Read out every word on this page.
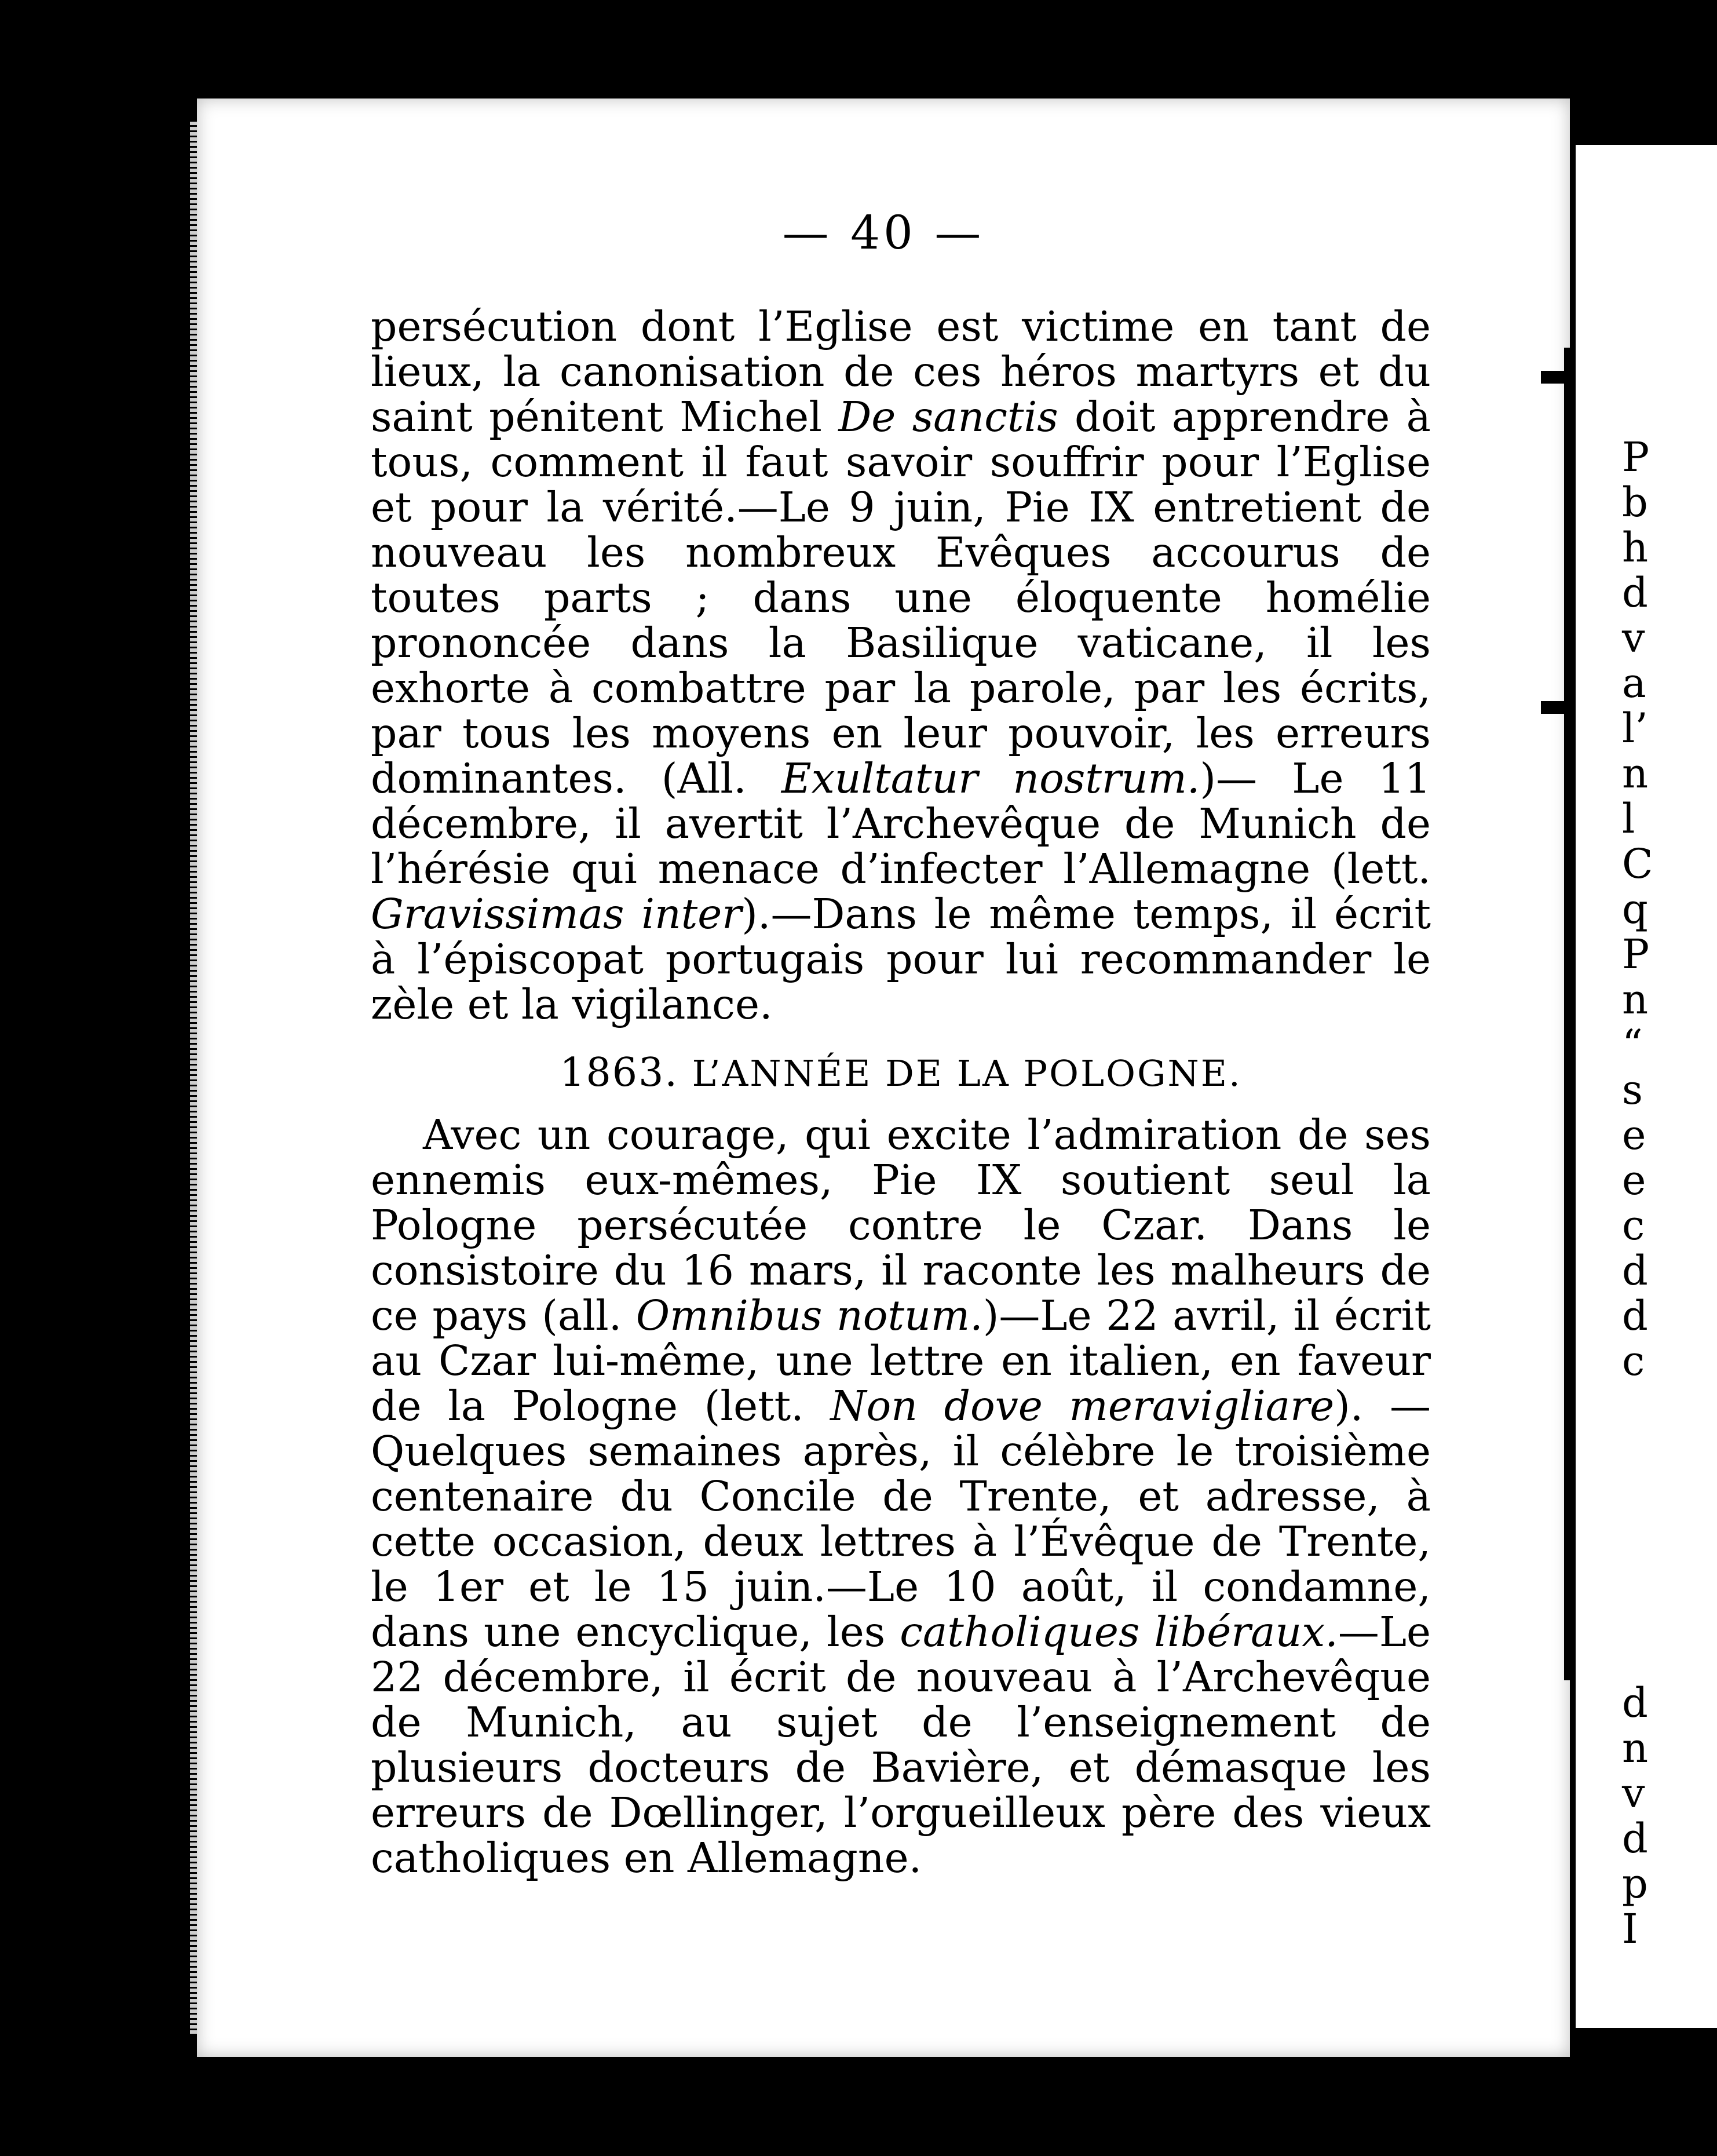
— 40 —

persécution dont l’Eglise est victime en tant de lieux, la canonisation de ces héros martyrs et du saint pénitent Michel De sanctis doit apprendre à tous, comment il faut savoir souffrir pour l’Eglise et pour la vérité.—Le 9 juin, Pie IX entretient de nouveau les nombreux Evêques accourus de toutes parts ; dans une éloquente homélie prononcée dans la Basilique vaticane, il les exhorte à combattre par la parole, par les écrits, par tous les moyens en leur pouvoir, les erreurs dominantes. (All. Exultatur nostrum.)— Le 11 décembre, il avertit l’Archevêque de Munich de l’hérésie qui menace d’infecter l’Allemagne (lett. Gravissimas inter).—Dans le même temps, il écrit à l’épiscopat portugais pour lui recommander le zèle et la vigilance.

1863. L’ANNÉE DE LA POLOGNE.

Avec un courage, qui excite l’admiration de ses ennemis eux-mêmes, Pie IX soutient seul la Pologne persécutée contre le Czar. Dans le consistoire du 16 mars, il raconte les malheurs de ce pays (all. Omnibus notum.)—Le 22 avril, il écrit au Czar lui-même, une lettre en italien, en faveur de la Pologne (lett. Non dove meravigliare). — Quelques semaines après, il célèbre le troisième centenaire du Concile de Trente, et adresse, à cette occasion, deux lettres à l’Évêque de Trente, le 1er et le 15 juin.—Le 10 août, il condamne, dans une encyclique, les catholiques libéraux.—Le 22 décembre, il écrit de nouveau à l’Archevêque de Munich, au sujet de l’enseignement de plusieurs docteurs de Bavière, et démasque les erreurs de Dœllinger, l’orgueilleux père des vieux catholiques en Allemagne.

P
b
h
d
v
a
l’
n
l
C
q
P
n
“
s
e
e
c
d
d
c
d
n
v
d
p
I
